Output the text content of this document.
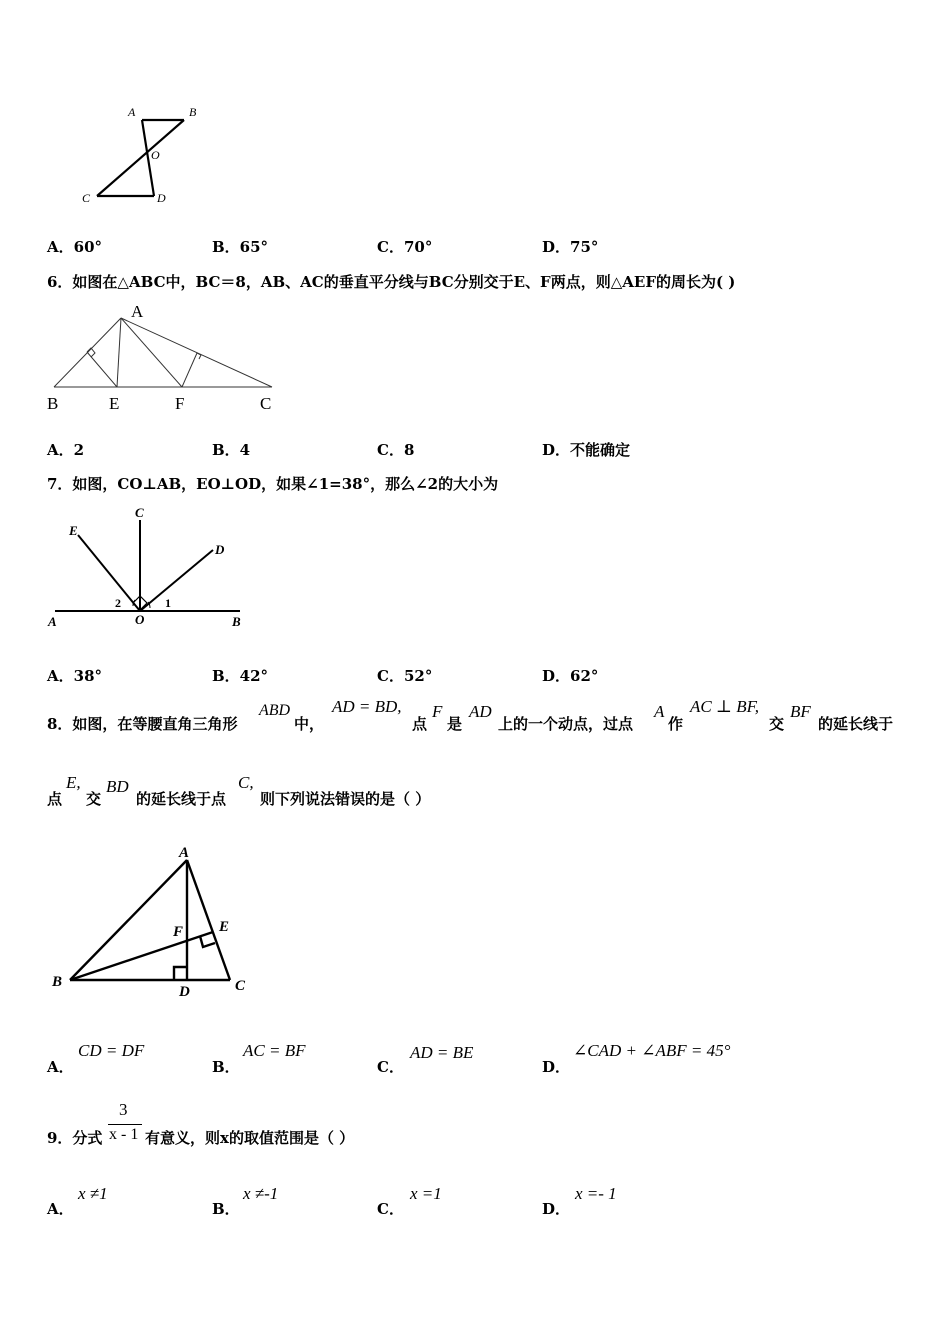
A	B
O
C	D
A．60°	B．65°	C．70°	D．75°
6．如图在△ABC中，BC＝8，AB、AC的垂直平分线与BC分别交于E、F两点，则△AEF的周长为( )
A
B	E	F	C
A．2	B．4	C．8	D．不能确定
7．如图，CO⊥AB，EO⊥OD，如果∠1=38°，那么∠2的大小为
E
C
D
A	O	B
1
2
A．38°	B．42°	C．52°	D．62°
8．如图，在等腰直角三角形
ABD
中，
AD = BD,
点
F
是
AD
上的一个动点，过点
A
作
AC ⊥ BF,
交
BF
的延长线于
点
E,
交
BD
的延长线于点
C,
则下列说法错误的是（ ）
A
F E
B
D	C
A．
CD = DF
B．
AC = BF
C．
AD = BE
D．
∠CAD + ∠ABF = 45°
9．分式
3
x - 1 有意义，则x的取值范围是（ ）
A．
x ≠1
B．
x ≠-1
C．
x =1
D．
x =- 1
